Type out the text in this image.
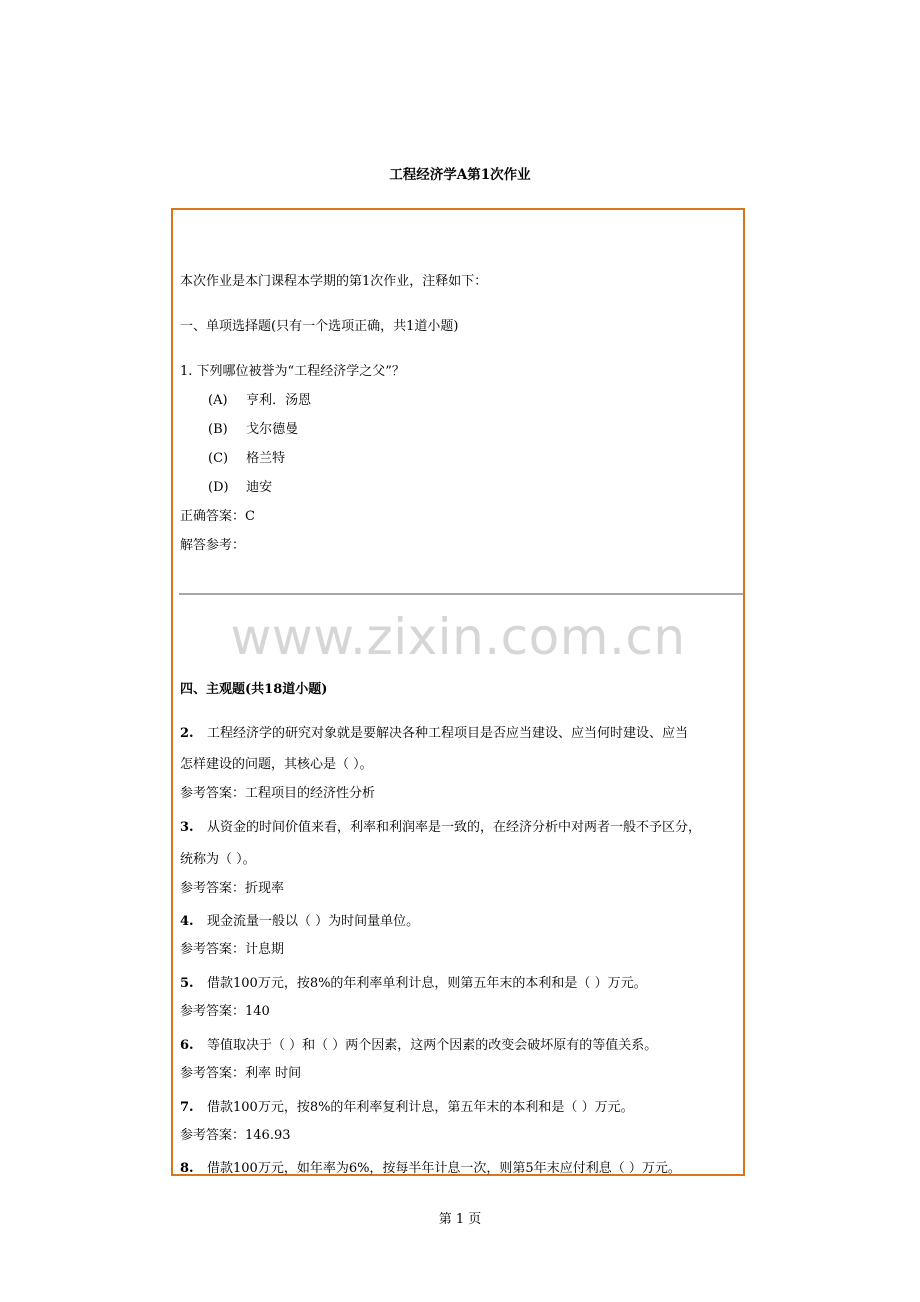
工程经济学A第1次作业
本次作业是本门课程本学期的第1次作业，注释如下：
一、单项选择题(只有一个选项正确，共1道小题)
1. 下列哪位被誉为“工程经济学之父”？
(A) 亨利．汤恩
(B) 戈尔德曼
(C) 格兰特
(D) 迪安
正确答案：C
解答参考：
www.zixin.com.cn
四、主观题(共18道小题)
2. 工程经济学的研究对象就是要解决各种工程项目是否应当建设、应当何时建设、应当
怎样建设的问题，其核心是（ ）。
参考答案：工程项目的经济性分析
3. 从资金的时间价值来看，利率和利润率是一致的，在经济分析中对两者一般不予区分，
统称为（ ）。
参考答案：折现率
4. 现金流量一般以（ ）为时间量单位。
参考答案：计息期
5. 借款100万元，按8%的年利率单利计息，则第五年末的本利和是（ ）万元。
参考答案：140
6. 等值取决于（ ）和（ ）两个因素，这两个因素的改变会破坏原有的等值关系。
参考答案：利率 时间
7. 借款100万元，按8%的年利率复利计息，第五年末的本利和是（ ）万元。
参考答案：146.93
8. 借款100万元，如年率为6%，按每半年计息一次，则第5年末应付利息（ ）万元。
第 1 页
